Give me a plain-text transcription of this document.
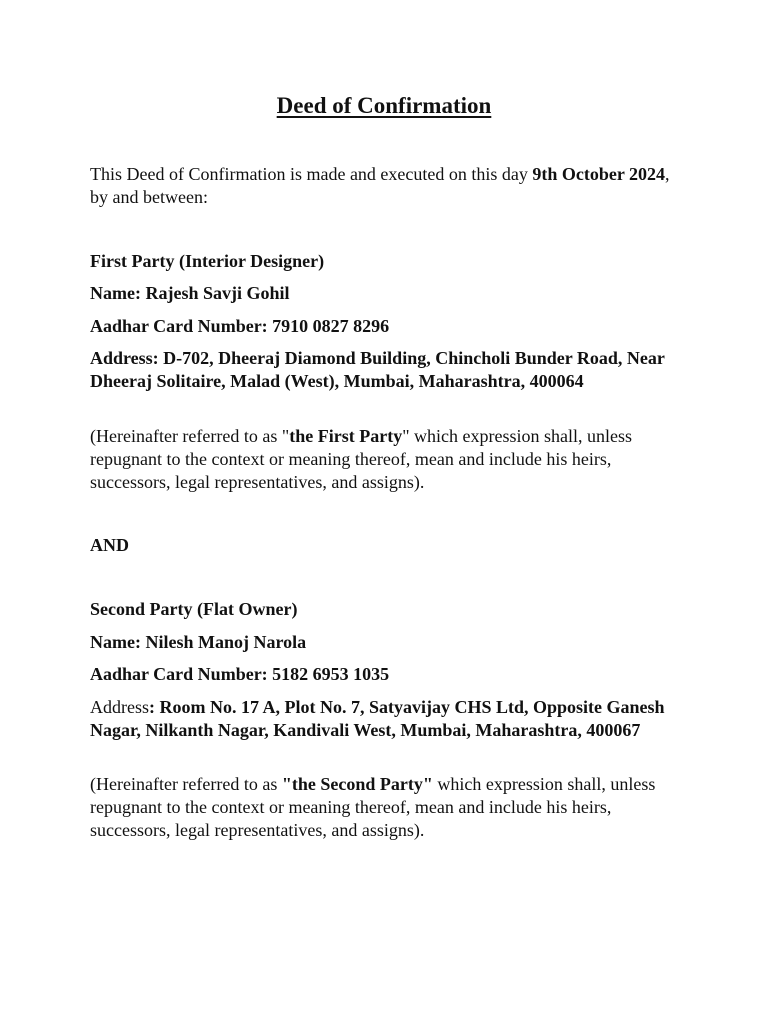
Deed of Confirmation
This Deed of Confirmation is made and executed on this day 9th October 2024, by and between:
First Party (Interior Designer)
Name: Rajesh Savji Gohil
Aadhar Card Number: 7910 0827 8296
Address: D-702, Dheeraj Diamond Building, Chincholi Bunder Road, Near Dheeraj Solitaire, Malad (West), Mumbai, Maharashtra, 400064
(Hereinafter referred to as "the First Party" which expression shall, unless repugnant to the context or meaning thereof, mean and include his heirs, successors, legal representatives, and assigns).
AND
Second Party (Flat Owner)
Name: Nilesh Manoj Narola
Aadhar Card Number: 5182 6953 1035
Address: Room No. 17 A, Plot No. 7, Satyavijay CHS Ltd, Opposite Ganesh Nagar, Nilkanth Nagar, Kandivali West, Mumbai, Maharashtra, 400067
(Hereinafter referred to as "the Second Party" which expression shall, unless repugnant to the context or meaning thereof, mean and include his heirs, successors, legal representatives, and assigns).
